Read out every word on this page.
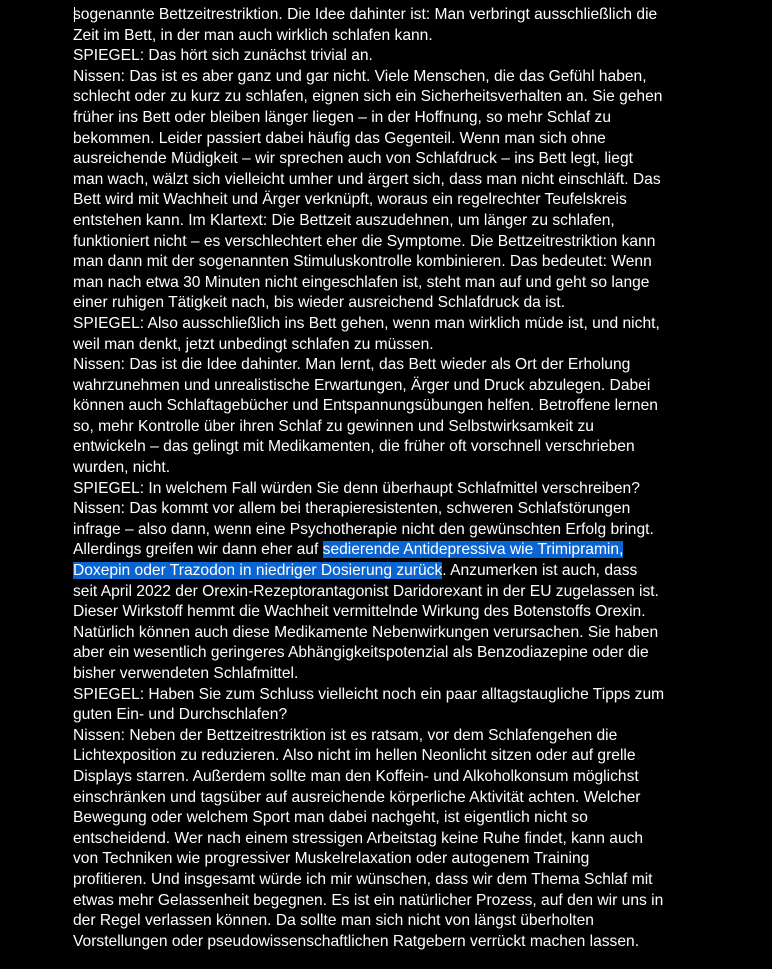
sogenannte Bettzeitrestriktion. Die Idee dahinter ist: Man verbringt ausschließlich die
Zeit im Bett, in der man auch wirklich schlafen kann.
SPIEGEL: Das hört sich zunächst trivial an.
Nissen: Das ist es aber ganz und gar nicht. Viele Menschen, die das Gefühl haben,
schlecht oder zu kurz zu schlafen, eignen sich ein Sicherheitsverhalten an. Sie gehen
früher ins Bett oder bleiben länger liegen – in der Hoffnung, so mehr Schlaf zu
bekommen. Leider passiert dabei häufig das Gegenteil. Wenn man sich ohne
ausreichende Müdigkeit – wir sprechen auch von Schlafdruck – ins Bett legt, liegt
man wach, wälzt sich vielleicht umher und ärgert sich, dass man nicht einschläft. Das
Bett wird mit Wachheit und Ärger verknüpft, woraus ein regelrechter Teufelskreis
entstehen kann. Im Klartext: Die Bettzeit auszudehnen, um länger zu schlafen,
funktioniert nicht – es verschlechtert eher die Symptome. Die Bettzeitrestriktion kann
man dann mit der sogenannten Stimuluskontrolle kombinieren. Das bedeutet: Wenn
man nach etwa 30 Minuten nicht eingeschlafen ist, steht man auf und geht so lange
einer ruhigen Tätigkeit nach, bis wieder ausreichend Schlafdruck da ist.
SPIEGEL: Also ausschließlich ins Bett gehen, wenn man wirklich müde ist, und nicht,
weil man denkt, jetzt unbedingt schlafen zu müssen.
Nissen: Das ist die Idee dahinter. Man lernt, das Bett wieder als Ort der Erholung
wahrzunehmen und unrealistische Erwartungen, Ärger und Druck abzulegen. Dabei
können auch Schlaftagebücher und Entspannungsübungen helfen. Betroffene lernen
so, mehr Kontrolle über ihren Schlaf zu gewinnen und Selbstwirksamkeit zu
entwickeln – das gelingt mit Medikamenten, die früher oft vorschnell verschrieben
wurden, nicht.
SPIEGEL: In welchem Fall würden Sie denn überhaupt Schlafmittel verschreiben?
Nissen: Das kommt vor allem bei therapieresistenten, schweren Schlafstörungen
infrage – also dann, wenn eine Psychotherapie nicht den gewünschten Erfolg bringt.
Allerdings greifen wir dann eher auf sedierende Antidepressiva wie Trimipramin,
Doxepin oder Trazodon in niedriger Dosierung zurück. Anzumerken ist auch, dass
seit April 2022 der Orexin-Rezeptorantagonist Daridorexant in der EU zugelassen ist.
Dieser Wirkstoff hemmt die Wachheit vermittelnde Wirkung des Botenstoffs Orexin.
Natürlich können auch diese Medikamente Nebenwirkungen verursachen. Sie haben
aber ein wesentlich geringeres Abhängigkeitspotenzial als Benzodiazepine oder die
bisher verwendeten Schlafmittel.
SPIEGEL: Haben Sie zum Schluss vielleicht noch ein paar alltagstaugliche Tipps zum
guten Ein- und Durchschlafen?
Nissen: Neben der Bettzeitrestriktion ist es ratsam, vor dem Schlafengehen die
Lichtexposition zu reduzieren. Also nicht im hellen Neonlicht sitzen oder auf grelle
Displays starren. Außerdem sollte man den Koffein- und Alkoholkonsum möglichst
einschränken und tagsüber auf ausreichende körperliche Aktivität achten. Welcher
Bewegung oder welchem Sport man dabei nachgeht, ist eigentlich nicht so
entscheidend. Wer nach einem stressigen Arbeitstag keine Ruhe findet, kann auch
von Techniken wie progressiver Muskelrelaxation oder autogenem Training
profitieren. Und insgesamt würde ich mir wünschen, dass wir dem Thema Schlaf mit
etwas mehr Gelassenheit begegnen. Es ist ein natürlicher Prozess, auf den wir uns in
der Regel verlassen können. Da sollte man sich nicht von längst überholten
Vorstellungen oder pseudowissenschaftlichen Ratgebern verrückt machen lassen.
